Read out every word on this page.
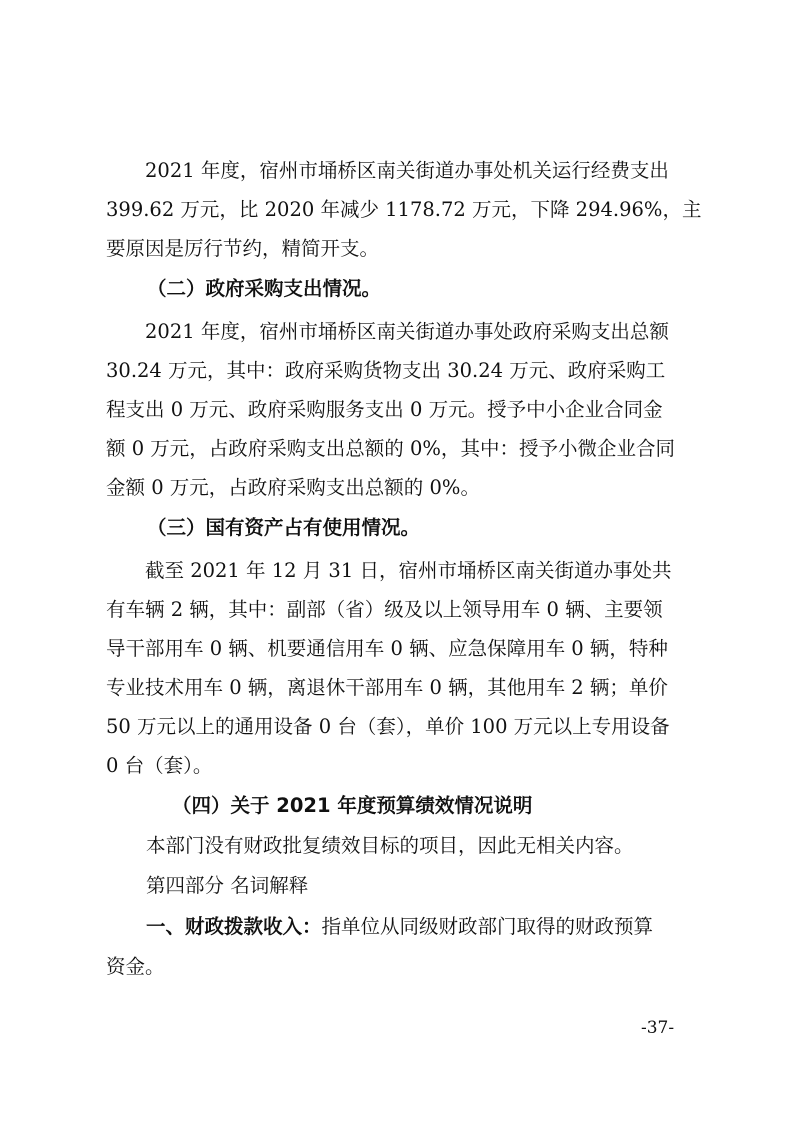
2021 年度，宿州市埇桥区南关街道办事处机关运行经费支出
399.62 万元，比 2020 年减少 1178.72 万元，下降 294.96%，主
要原因是厉行节约，精简开支。
（二）政府采购支出情况。
2021 年度，宿州市埇桥区南关街道办事处政府采购支出总额
30.24 万元，其中：政府采购货物支出 30.24 万元、政府采购工
程支出 0 万元、政府采购服务支出 0 万元。授予中小企业合同金
额 0 万元，占政府采购支出总额的 0%，其中：授予小微企业合同
金额 0 万元，占政府采购支出总额的 0%。
（三）国有资产占有使用情况。
截至 2021 年 12 月 31 日，宿州市埇桥区南关街道办事处共
有车辆 2 辆，其中：副部（省）级及以上领导用车 0 辆、主要领
导干部用车 0 辆、机要通信用车 0 辆、应急保障用车 0 辆，特种
专业技术用车 0 辆，离退休干部用车 0 辆，其他用车 2 辆；单价
50 万元以上的通用设备 0 台（套），单价 100 万元以上专用设备
0 台（套）。
（四）关于 2021 年度预算绩效情况说明
本部门没有财政批复绩效目标的项目，因此无相关内容。
第四部分 名词解释
一、财政拨款收入：指单位从同级财政部门取得的财政预算
资金。
-37-
